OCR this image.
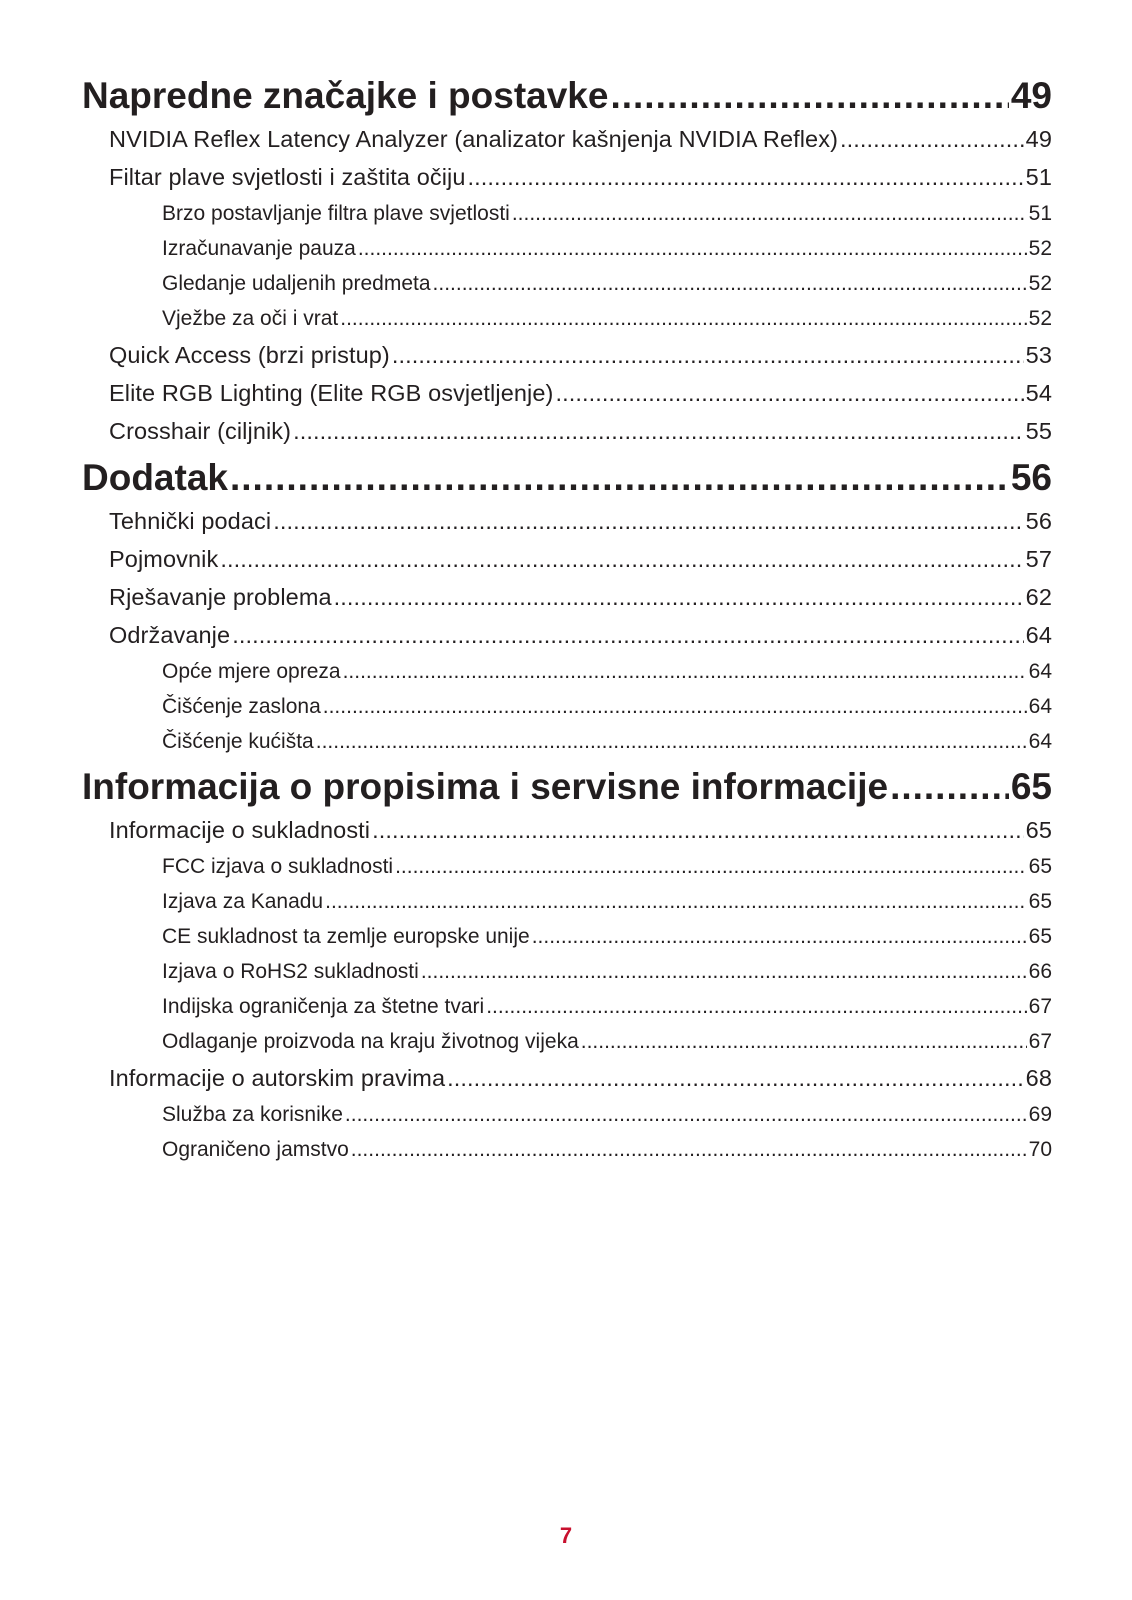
Napredne značajke i postavke .....	49
NVIDIA Reflex Latency Analyzer (analizator kašnjenja NVIDIA Reflex) .....	49
Filtar plave svjetlosti i zaštita očiju .....	51
Brzo postavljanje filtra plave svjetlosti .....	51
Izračunavanje pauza .....	52
Gledanje udaljenih predmeta .....	52
Vježbe za oči i vrat .....	52
Quick Access (brzi pristup) .....	53
Elite RGB Lighting (Elite RGB osvjetljenje) .....	54
Crosshair (ciljnik) .....	55
Dodatak .....	56
Tehnički podaci .....	56
Pojmovnik .....	57
Rješavanje problema .....	62
Održavanje .....	64
Opće mjere opreza .....	64
Čišćenje zaslona .....	64
Čišćenje kućišta .....	64
Informacija o propisima i servisne informacije .....	65
Informacije o sukladnosti .....	65
FCC izjava o sukladnosti .....	65
Izjava za Kanadu .....	65
CE sukladnost ta zemlje europske unije .....	65
Izjava o RoHS2 sukladnosti .....	66
Indijska ograničenja za štetne tvari .....	67
Odlaganje proizvoda na kraju životnog vijeka .....	67
Informacije o autorskim pravima .....	68
Služba za korisnike .....	69
Ograničeno jamstvo .....	70
7
